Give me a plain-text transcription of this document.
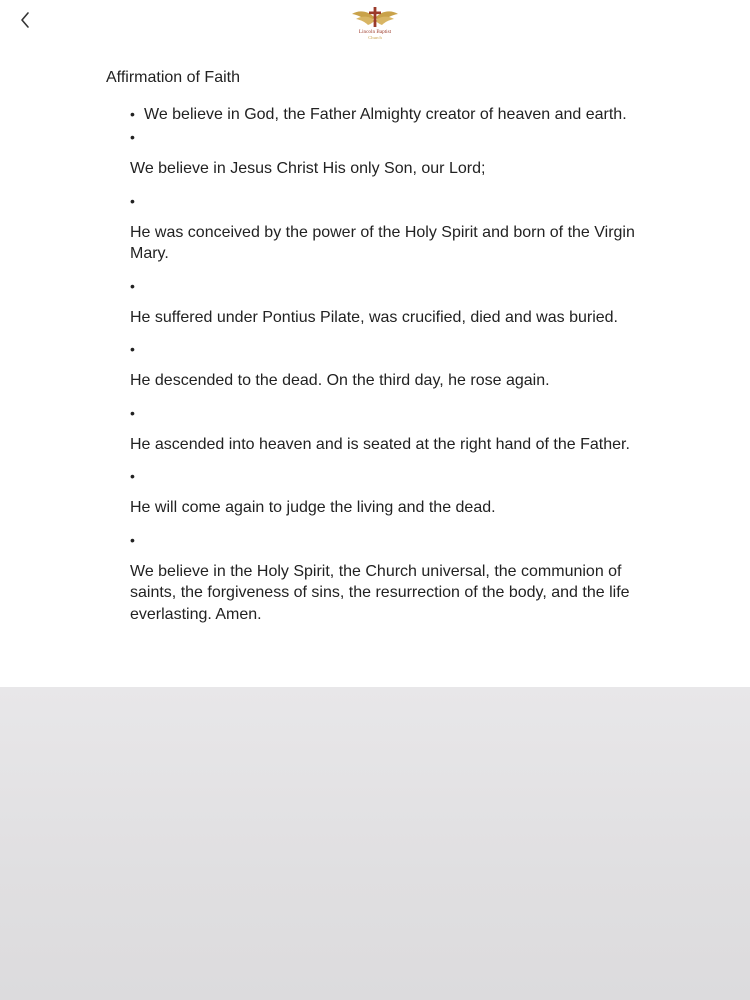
Lincoln Baptist
Church
Affirmation of Faith
• We believe in God, the Father Almighty creator of heaven and earth.
•

We believe in Jesus Christ His only Son, our Lord;

•

He was conceived by the power of the Holy Spirit and born of the Virgin Mary.

•

He suffered under Pontius Pilate, was crucified, died and was buried.

•

He descended to the dead. On the third day, he rose again.

•

He ascended into heaven and is seated at the right hand of the Father.

•

He will come again to judge the living and the dead.

•

We believe in the Holy Spirit, the Church universal, the communion of saints, the forgiveness of sins, the resurrection of the body, and the life everlasting. Amen.
